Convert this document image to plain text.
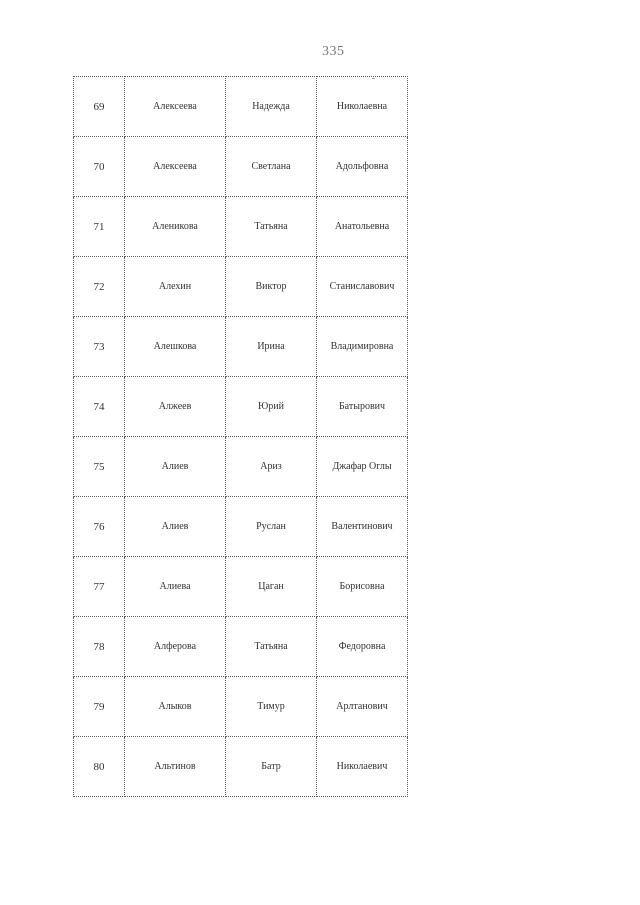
335
69	Алексеева	Надежда	Николаевна
70	Алексеева	Светлана	Адольфовна
71	Аленикова	Татьяна	Анатольевна
72	Алехин	Виктор	Станиславович
73	Алешкова	Ирина	Владимировна
74	Алжеев	Юрий	Батырович
75	Алиев	Ариз	Джафар Оглы
76	Алиев	Руслан	Валентинович
77	Алиева	Цаган	Борисовна
78	Алферова	Татьяна	Федоровна
79	Алыков	Тимур	Арлтанович
80	Альтинов	Батр	Николаевич
